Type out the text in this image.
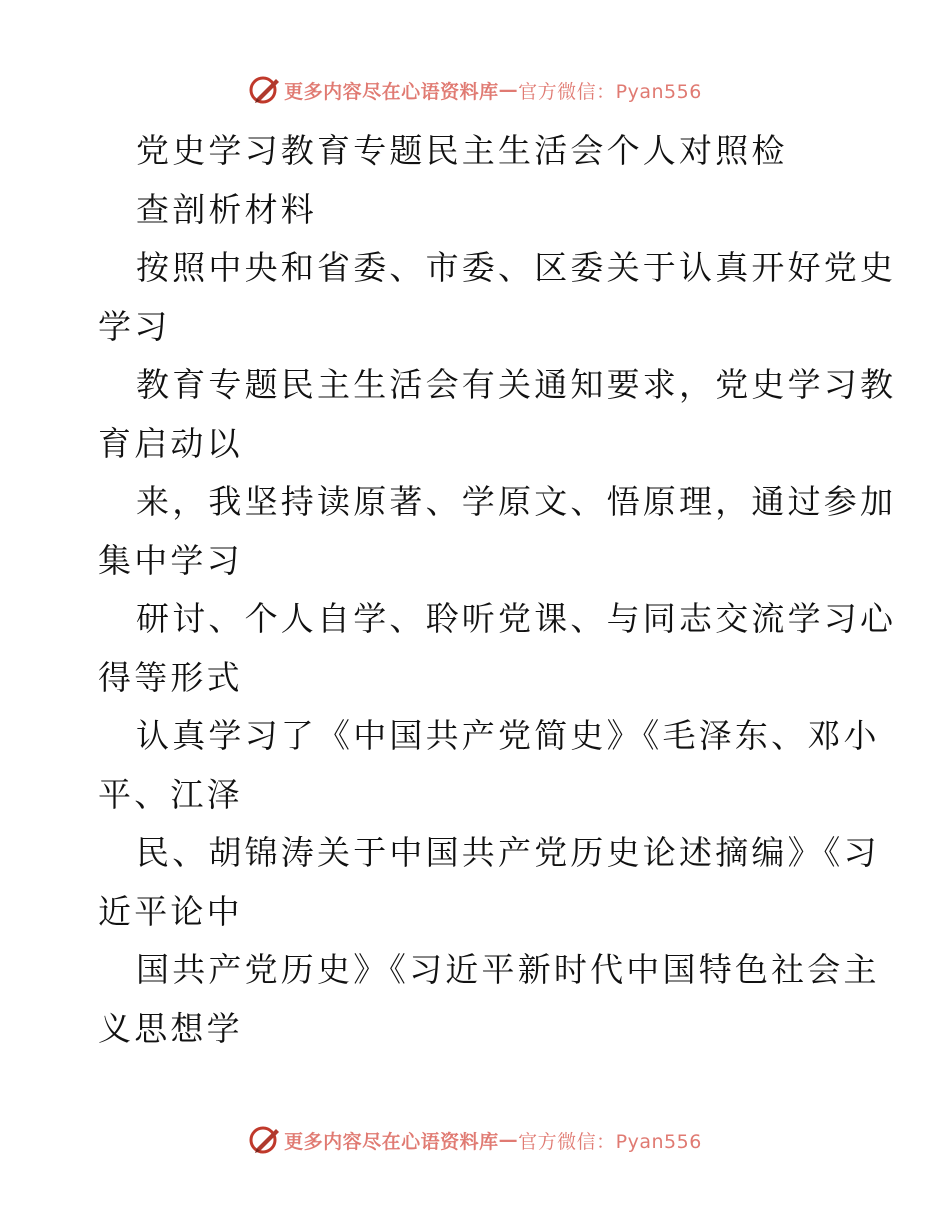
更多内容尽在心语资料库 — 官方微信：Pyan556
党史学习教育专题民主生活会个人对照检
查剖析材料
按照中央和省委、市委、区委关于认真开好党史
学习
教育专题民主生活会有关通知要求，党史学习教
育启动以
来，我坚持读原著、学原文、悟原理，通过参加
集中学习
研讨、个人自学、聆听党课、与同志交流学习心
得等形式
认真学习了《中国共产党简史》《毛泽东、邓小
平、江泽
民、胡锦涛关于中国共产党历史论述摘编》《习
近平论中
国共产党历史》《习近平新时代中国特色社会主
义思想学
更多内容尽在心语资料库 — 官方微信：Pyan556
